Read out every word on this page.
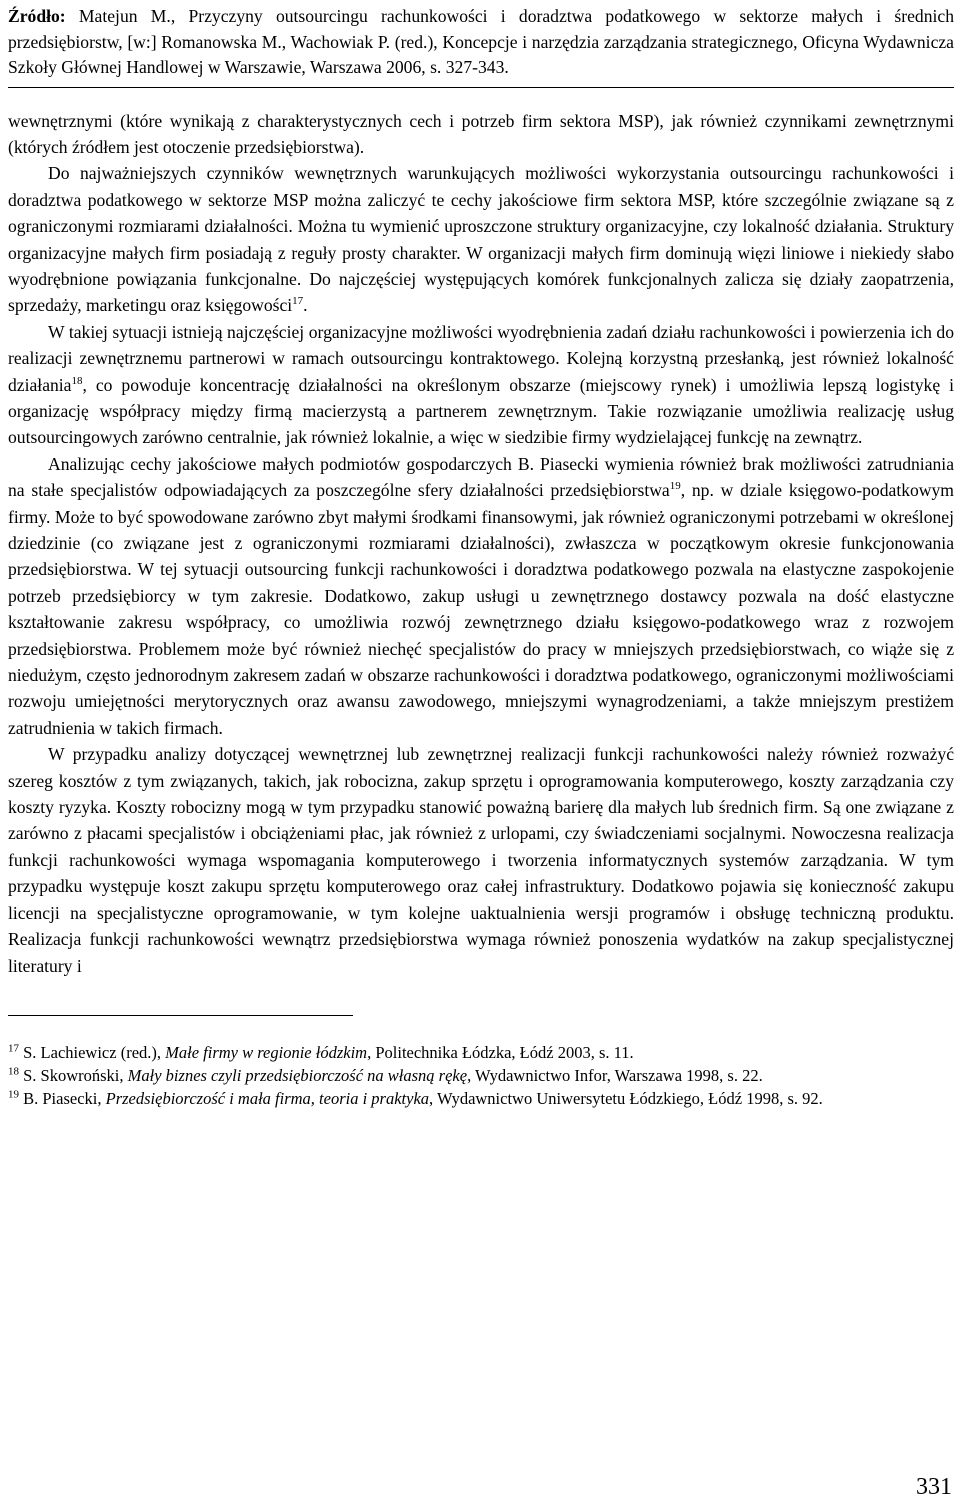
Źródło: Matejun M., Przyczyny outsourcingu rachunkowości i doradztwa podatkowego w sektorze małych i średnich przedsiębiorstw, [w:] Romanowska M., Wachowiak P. (red.), Koncepcje i narzędzia zarządzania strategicznego, Oficyna Wydawnicza Szkoły Głównej Handlowej w Warszawie, Warszawa 2006, s. 327-343.

wewnętrznymi (które wynikają z charakterystycznych cech i potrzeb firm sektora MSP), jak również czynnikami zewnętrznymi (których źródłem jest otoczenie przedsiębiorstwa).

Do najważniejszych czynników wewnętrznych warunkujących możliwości wykorzystania outsourcingu rachunkowości i doradztwa podatkowego w sektorze MSP można zaliczyć te cechy jakościowe firm sektora MSP, które szczególnie związane są z ograniczonymi rozmiarami działalności. Można tu wymienić uproszczone struktury organizacyjne, czy lokalność działania. Struktury organizacyjne małych firm posiadają z reguły prosty charakter. W organizacji małych firm dominują więzi liniowe i niekiedy słabo wyodrębnione powiązania funkcjonalne. Do najczęściej występujących komórek funkcjonalnych zalicza się działy zaopatrzenia, sprzedaży, marketingu oraz księgowości$^{17}$.

W takiej sytuacji istnieją najczęściej organizacyjne możliwości wyodrębnienia zadań działu rachunkowości i powierzenia ich do realizacji zewnętrznemu partnerowi w ramach outsourcingu kontraktowego. Kolejną korzystną przesłanką, jest również lokalność działania$^{18}$, co powoduje koncentrację działalności na określonym obszarze (miejscowy rynek) i umożliwia lepszą logistykę i organizację współpracy między firmą macierzystą a partnerem zewnętrznym. Takie rozwiązanie umożliwia realizację usług outsourcingowych zarówno centralnie, jak również lokalnie, a więc w siedzibie firmy wydzielającej funkcję na zewnątrz.

Analizując cechy jakościowe małych podmiotów gospodarczych B. Piasecki wymienia również brak możliwości zatrudniania na stałe specjalistów odpowiadających za poszczególne sfery działalności przedsiębiorstwa$^{19}$, np. w dziale księgowo-podatkowym firmy. Może to być spowodowane zarówno zbyt małymi środkami finansowymi, jak również ograniczonymi potrzebami w określonej dziedzinie (co związane jest z ograniczonymi rozmiarami działalności), zwłaszcza w początkowym okresie funkcjonowania przedsiębiorstwa. W tej sytuacji outsourcing funkcji rachunkowości i doradztwa podatkowego pozwala na elastyczne zaspokojenie potrzeb przedsiębiorcy w tym zakresie. Dodatkowo, zakup usługi u zewnętrznego dostawcy pozwala na dość elastyczne kształtowanie zakresu współpracy, co umożliwia rozwój zewnętrznego działu księgowo-podatkowego wraz z rozwojem przedsiębiorstwa. Problemem może być również niechęć specjalistów do pracy w mniejszych przedsiębiorstwach, co wiąże się z niedużym, często jednorodnym zakresem zadań w obszarze rachunkowości i doradztwa podatkowego, ograniczonymi możliwościami rozwoju umiejętności merytorycznych oraz awansu zawodowego, mniejszymi wynagrodzeniami, a także mniejszym prestiżem zatrudnienia w takich firmach.

W przypadku analizy dotyczącej wewnętrznej lub zewnętrznej realizacji funkcji rachunkowości należy również rozważyć szereg kosztów z tym związanych, takich, jak robocizna, zakup sprzętu i oprogramowania komputerowego, koszty zarządzania czy koszty ryzyka. Koszty robocizny mogą w tym przypadku stanowić poważną barierę dla małych lub średnich firm. Są one związane z zarówno z płacami specjalistów i obciążeniami płac, jak również z urlopami, czy świadczeniami socjalnymi. Nowoczesna realizacja funkcji rachunkowości wymaga wspomagania komputerowego i tworzenia informatycznych systemów zarządzania. W tym przypadku występuje koszt zakupu sprzętu komputerowego oraz całej infrastruktury. Dodatkowo pojawia się konieczność zakupu licencji na specjalistyczne oprogramowanie, w tym kolejne uaktualnienia wersji programów i obsługę techniczną produktu. Realizacja funkcji rachunkowości wewnątrz przedsiębiorstwa wymaga również ponoszenia wydatków na zakup specjalistycznej literatury i

$^{17}$ S. Lachiewicz (red.), Małe firmy w regionie łódzkim, Politechnika Łódzka, Łódź 2003, s. 11.

$^{18}$ S. Skowroński, Mały biznes czyli przedsiębiorczość na własną rękę, Wydawnictwo Infor, Warszawa 1998, s. 22.

$^{19}$ B. Piasecki, Przedsiębiorczość i mała firma, teoria i praktyka, Wydawnictwo Uniwersytetu Łódzkiego, Łódź 1998, s. 92.

331
